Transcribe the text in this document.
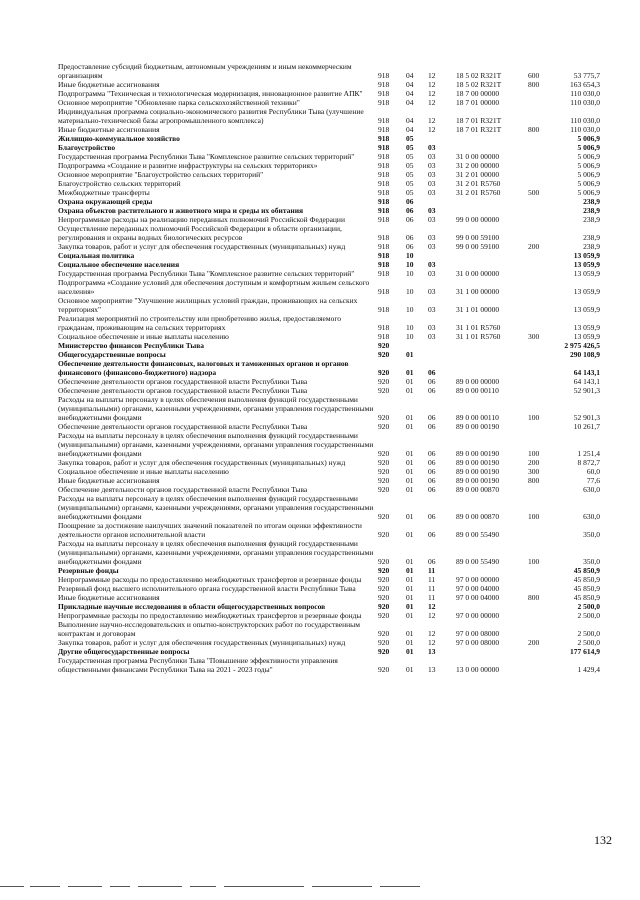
Предоставление субсидий бюджетным, автономным учреждениям и иным некоммерческим организациям	918 04 12	18 5 02 R321T	600	53 775,7
Иные бюджетные ассигнования	918 04 12	18 5 02 R321T	800	163 654,3
Подпрограмма "Техническая и технологическая модернизация, инновационное развитие АПК"	918 04 12	18 7 00 00000	110 030,0
Основное мероприятие "Обновление парка сельскохозяйственной техники"	918 04 12	18 7 01 00000	110 030,0
Индивидуальная программа социально-экономического развития Республики Тыва (улучшение материально-технической базы агропромышленного комплекса)	918 04 12	18 7 01 R321T	110 030,0
Иные бюджетные ассигнования	918 04 12	18 7 01 R321T	800	110 030,0
Жилищно-коммунальное хозяйство	918 05	5 006,9
Благоустройство	918 05 03	5 006,9
Государственная программа Республики Тыва "Комплексное развитие сельских территорий"	918 05 03	31 0 00 00000	5 006,9
Подпрограмма «Создание и развитие инфраструктуры на сельских территориях»	918 05 03	31 2 00 00000	5 006,9
Основное мероприятие "Благоустройство сельских территорий"	918 05 03	31 2 01 00000	5 006,9
Благоустройство сельских территорий	918 05 03	31 2 01 R5760	5 006,9
Межбюджетные трансферты	918 05 03	31 2 01 R5760	500	5 006,9
Охрана окружающей среды	918 06	238,9
Охрана объектов растительного и животного мира и среды их обитания	918 06 03	238,9
Непрограммные расходы на реализацию переданных полномочий Российской Федерации	918 06 03	99 0 00 00000	238,9
Осуществление переданных полномочий Российской Федерации в области организации, регулирования и охраны водных биологических ресурсов	918 06 03	99 0 00 59100	238,9
Закупка товаров, работ и услуг для обеспечения государственных (муниципальных) нужд	918 06 03	99 0 00 59100	200	238,9
Социальная политика	918 10	13 059,9
Социальное обеспечение населения	918 10 03	13 059,9
Государственная программа Республики Тыва "Комплексное развитие сельских территорий"	918 10 03	31 0 00 00000	13 059,9
Подпрограмма «Создание условий для обеспечения доступным и комфортным жильем сельского населения»	918 10 03	31 1 00 00000	13 059,9
Основное мероприятие "Улучшение жилищных условий граждан, проживающих на сельских территориях"	918 10 03	31 1 01 00000	13 059,9
Реализация мероприятий по строительству или приобретению жилья, предоставляемого гражданам, проживающим на сельских территориях	918 10 03	31 1 01 R5760	13 059,9
Социальное обеспечение и иные выплаты населению	918 10 03	31 1 01 R5760	300	13 059,9
Министерство финансов Республики Тыва	920	2 975 426,5
Общегосударственные вопросы	920 01	290 108,9
Обеспечение деятельности финансовых, налоговых и таможенных органов и органов финансового (финансово-бюджетного) надзора	920 01 06	64 143,1
Обеспечение деятельности органов государственной власти Республики Тыва	920 01 06	89 0 00 00000	64 143,1
Обеспечение деятельности органов государственной власти Республики Тыва	920 01 06	89 0 00 00110	52 901,3
Расходы на выплаты персоналу в целях обеспечения выполнения функций государственными (муниципальными) органами, казенными учреждениями, органами управления государственными внебюджетными фондами	920 01 06	89 0 00 00110	100	52 901,3
Обеспечение деятельности органов государственной власти Республики Тыва	920 01 06	89 0 00 00190	10 261,7
Расходы на выплаты персоналу в целях обеспечения выполнения функций государственными (муниципальными) органами, казенными учреждениями, органами управления государственными внебюджетными фондами	920 01 06	89 0 00 00190	100	1 251,4
Закупка товаров, работ и услуг для обеспечения государственных (муниципальных) нужд	920 01 06	89 0 00 00190	200	8 872,7
Социальное обеспечение и иные выплаты населению	920 01 06	89 0 00 00190	300	60,0
Иные бюджетные ассигнования	920 01 06	89 0 00 00190	800	77,6
Обеспечение деятельности органов государственной власти Республики Тыва	920 01 06	89 0 00 00870	630,0
Расходы на выплаты персоналу в целях обеспечения выполнения функций государственными (муниципальными) органами, казенными учреждениями, органами управления государственными внебюджетными фондами	920 01 06	89 0 00 00870	100	630,0
Поощрение за достижение наилучших значений показателей по итогам оценки эффективности деятельности органов исполнительной власти	920 01 06	89 0 00 55490	350,0
Расходы на выплаты персоналу в целях обеспечения выполнения функций государственными (муниципальными) органами, казенными учреждениями, органами управления государственными внебюджетными фондами	920 01 06	89 0 00 55490	100	350,0
Резервные фонды	920 01 11	45 850,9
Непрограммные расходы по предоставлению межбюджетных трансфертов и резервные фонды	920 01 11	97 0 00 00000	45 850,9
Резервный фонд высшего исполнительного органа государственной власти Республики Тыва	920 01 11	97 0 00 04000	45 850,9
Иные бюджетные ассигнования	920 01 11	97 0 00 04000	800	45 850,9
Прикладные научные исследования в области общегосударственных вопросов	920 01 12	2 500,0
Непрограммные расходы по предоставлению межбюджетных трансфертов и резервные фонды	920 01 12	97 0 00 00000	2 500,0
Выполнение научно-исследовательских и опытно-конструкторских работ по государственным контрактам и договорам	920 01 12	97 0 00 08000	2 500,0
Закупка товаров, работ и услуг для обеспечения государственных (муниципальных) нужд	920 01 12	97 0 00 08000	200	2 500,0
Другие общегосударственные вопросы	920 01 13	177 614,9
Государственная программа Республики Тыва "Повышение эффективности управления общественными финансами Республики Тыва на 2021 - 2023 годы"	920 01 13	13 0 00 00000	1 429,4
132
